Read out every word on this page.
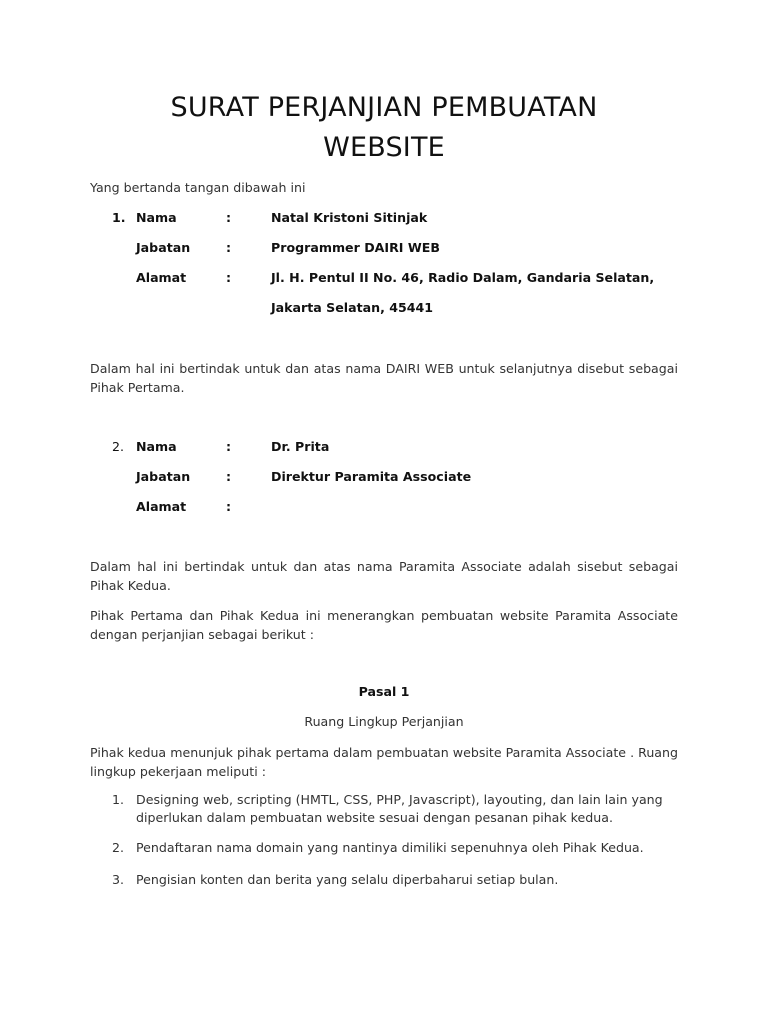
SURAT PERJANJIAN PEMBUATAN
WEBSITE
Yang bertanda tangan dibawah ini
1. Nama	:	Natal Kristoni Sitinjak
Jabatan	:	Programmer DAIRI WEB
Alamat	:	Jl. H. Pentul II No. 46, Radio Dalam, Gandaria Selatan,
Jakarta Selatan, 45441
Dalam hal ini bertindak untuk dan atas nama DAIRI WEB untuk selanjutnya disebut sebagai Pihak Pertama.
2. Nama	:	Dr. Prita
Jabatan	:	Direktur Paramita Associate
Alamat	:
Dalam hal ini bertindak untuk dan atas nama Paramita Associate adalah sisebut sebagai Pihak Kedua.
Pihak Pertama dan Pihak Kedua ini menerangkan pembuatan website Paramita Associate dengan perjanjian sebagai berikut :
Pasal 1
Ruang Lingkup Perjanjian
Pihak kedua menunjuk pihak pertama dalam pembuatan website Paramita Associate . Ruang lingkup pekerjaan meliputi :
1. Designing web, scripting (HMTL, CSS, PHP, Javascript), layouting, dan lain lain yang diperlukan dalam pembuatan website sesuai dengan pesanan pihak kedua.
2. Pendaftaran nama domain yang nantinya dimiliki sepenuhnya oleh Pihak Kedua.
3. Pengisian konten dan berita yang selalu diperbaharui setiap bulan.
